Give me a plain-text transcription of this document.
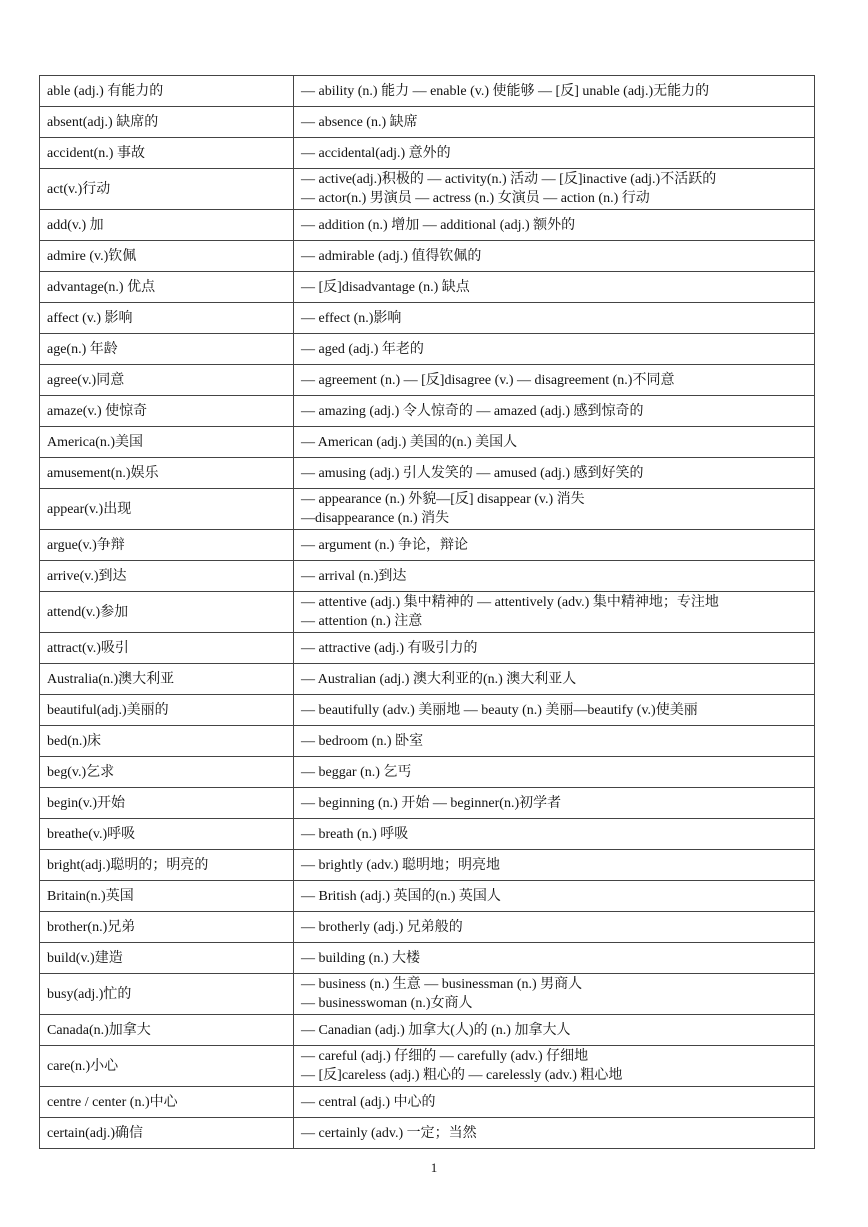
able (adj.) 有能力的	— ability (n.) 能力 — enable (v.) 使能够 — [反] unable (adj.)无能力的

absent(adj.) 缺席的	— absence (n.) 缺席

accident(n.) 事故	— accidental(adj.) 意外的

act(v.)行动	— active(adj.)积极的 — activity(n.) 活动 — [反]inactive (adj.)不活跃的
— actor(n.) 男演员 — actress (n.) 女演员 — action (n.) 行动

add(v.) 加	— addition (n.) 增加 — additional (adj.) 额外的

admire (v.)钦佩	— admirable (adj.) 值得钦佩的

advantage(n.) 优点	— [反]disadvantage (n.) 缺点

affect (v.) 影响	— effect (n.)影响

age(n.) 年龄	— aged (adj.) 年老的

agree(v.)同意	— agreement (n.) — [反]disagree (v.) — disagreement (n.)不同意

amaze(v.) 使惊奇	— amazing (adj.) 令人惊奇的 — amazed (adj.) 感到惊奇的

America(n.)美国	— American (adj.) 美国的(n.) 美国人

amusement(n.)娱乐	— amusing (adj.) 引人发笑的 — amused (adj.) 感到好笑的

appear(v.)出现	— appearance (n.) 外貌—[反] disappear (v.) 消失
—disappearance (n.) 消失

argue(v.)争辩	— argument (n.) 争论，辩论

arrive(v.)到达	— arrival (n.)到达

attend(v.)参加	— attentive (adj.) 集中精神的 — attentively (adv.) 集中精神地；专注地
— attention (n.) 注意

attract(v.)吸引	— attractive (adj.) 有吸引力的

Australia(n.)澳大利亚	— Australian (adj.) 澳大利亚的(n.) 澳大利亚人

beautiful(adj.)美丽的	— beautifully (adv.) 美丽地 — beauty (n.) 美丽—beautify (v.)使美丽

bed(n.)床	— bedroom (n.) 卧室

beg(v.)乞求	— beggar (n.) 乞丐

begin(v.)开始	— beginning (n.) 开始 — beginner(n.)初学者

breathe(v.)呼吸	— breath (n.) 呼吸

bright(adj.)聪明的；明亮的	— brightly (adv.) 聪明地；明亮地

Britain(n.)英国	— British (adj.) 英国的(n.) 英国人

brother(n.)兄弟	— brotherly (adj.) 兄弟般的

build(v.)建造	— building (n.) 大楼

busy(adj.)忙的	— business (n.) 生意 — businessman (n.) 男商人
— businesswoman (n.)女商人

Canada(n.)加拿大	— Canadian (adj.) 加拿大(人)的 (n.) 加拿大人

care(n.)小心	— careful (adj.) 仔细的 — carefully (adv.) 仔细地
— [反]careless (adj.) 粗心的 — carelessly (adv.) 粗心地

centre / center (n.)中心	— central (adj.) 中心的

certain(adj.)确信	— certainly (adv.) 一定；当然
1
